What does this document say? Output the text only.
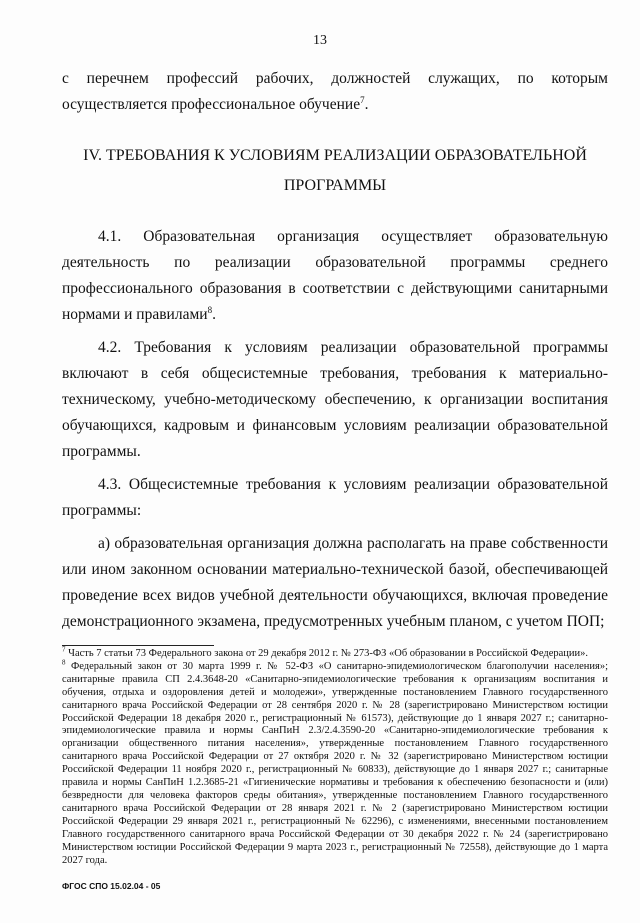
13

с перечнем профессий рабочих, должностей служащих, по которым осуществляется профессиональное обучение$^7$.

IV. ТРЕБОВАНИЯ К УСЛОВИЯМ РЕАЛИЗАЦИИ ОБРАЗОВАТЕЛЬНОЙ ПРОГРАММЫ

4.1. Образовательная организация осуществляет образовательную деятельность по реализации образовательной программы среднего профессионального образования в соответствии с действующими санитарными нормами и правилами$^8$.

4.2. Требования к условиям реализации образовательной программы включают в себя общесистемные требования, требования к материально-техническому, учебно-методическому обеспечению, к организации воспитания обучающихся, кадровым и финансовым условиям реализации образовательной программы.

4.3. Общесистемные требования к условиям реализации образовательной программы:

а) образовательная организация должна располагать на праве собственности или ином законном основании материально-технической базой, обеспечивающей проведение всех видов учебной деятельности обучающихся, включая проведение демонстрационного экзамена, предусмотренных учебным планом, с учетом ПОП;

$^7$ Часть 7 статьи 73 Федерального закона от 29 декабря 2012 г. № 273-ФЗ «Об образовании в Российской Федерации».

$^8$ Федеральный закон от 30 марта 1999 г. № 52-ФЗ «О санитарно-эпидемиологическом благополучии населения»; санитарные правила СП 2.4.3648-20 «Санитарно-эпидемиологические требования к организациям воспитания и обучения, отдыха и оздоровления детей и молодежи», утвержденные постановлением Главного государственного санитарного врача Российской Федерации от 28 сентября 2020 г. № 28 (зарегистрировано Министерством юстиции Российской Федерации 18 декабря 2020 г., регистрационный № 61573), действующие до 1 января 2027 г.; санитарно-эпидемиологические правила и нормы СанПиН 2.3/2.4.3590-20 «Санитарно-эпидемиологические требования к организации общественного питания населения», утвержденные постановлением Главного государственного санитарного врача Российской Федерации от 27 октября 2020 г. № 32 (зарегистрировано Министерством юстиции Российской Федерации 11 ноября 2020 г., регистрационный № 60833), действующие до 1 января 2027 г.; санитарные правила и нормы СанПиН 1.2.3685-21 «Гигиенические нормативы и требования к обеспечению безопасности и (или) безвредности для человека факторов среды обитания», утвержденные постановлением Главного государственного санитарного врача Российской Федерации от 28 января 2021 г. № 2 (зарегистрировано Министерством юстиции Российской Федерации 29 января 2021 г., регистрационный № 62296), с изменениями, внесенными постановлением Главного государственного санитарного врача Российской Федерации от 30 декабря 2022 г. № 24 (зарегистрировано Министерством юстиции Российской Федерации 9 марта 2023 г., регистрационный № 72558), действующие до 1 марта 2027 года.

ФГОС СПО 15.02.04 - 05
